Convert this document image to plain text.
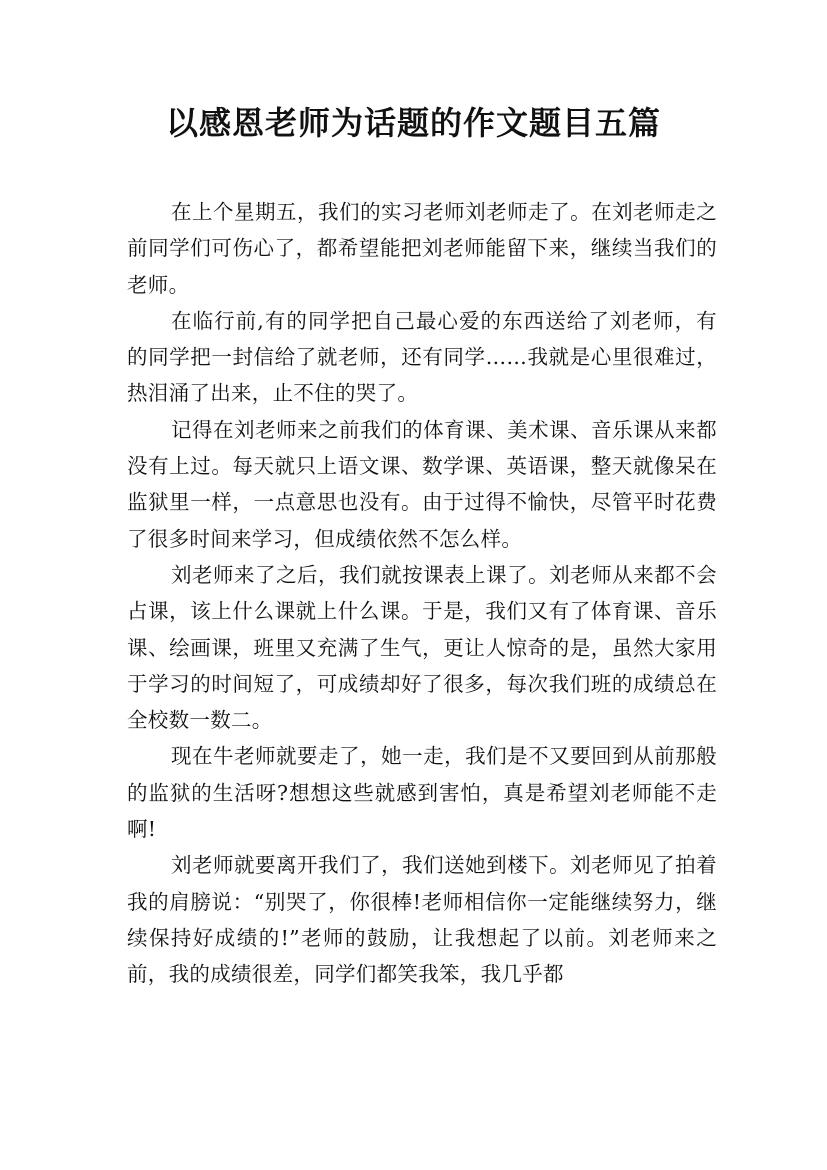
以感恩老师为话题的作文题目五篇

在上个星期五，我们的实习老师刘老师走了。在刘老师走之前同学们可伤心了，都希望能把刘老师能留下来，继续当我们的老师。

在临行前,有的同学把自己最心爱的东西送给了刘老师，有的同学把一封信给了就老师，还有同学……我就是心里很难过，热泪涌了出来，止不住的哭了。

记得在刘老师来之前我们的体育课、美术课、音乐课从来都没有上过。每天就只上语文课、数学课、英语课，整天就像呆在监狱里一样，一点意思也没有。由于过得不愉快，尽管平时花费了很多时间来学习，但成绩依然不怎么样。

刘老师来了之后，我们就按课表上课了。刘老师从来都不会占课，该上什么课就上什么课。于是，我们又有了体育课、音乐课、绘画课，班里又充满了生气，更让人惊奇的是，虽然大家用于学习的时间短了，可成绩却好了很多，每次我们班的成绩总在全校数一数二。

现在牛老师就要走了，她一走，我们是不又要回到从前那般的监狱的生活呀?想想这些就感到害怕，真是希望刘老师能不走啊!

刘老师就要离开我们了，我们送她到楼下。刘老师见了拍着我的肩膀说：“别哭了，你很棒!老师相信你一定能继续努力，继续保持好成绩的!”老师的鼓励，让我想起了以前。刘老师来之前，我的成绩很差，同学们都笑我笨，我几乎都
